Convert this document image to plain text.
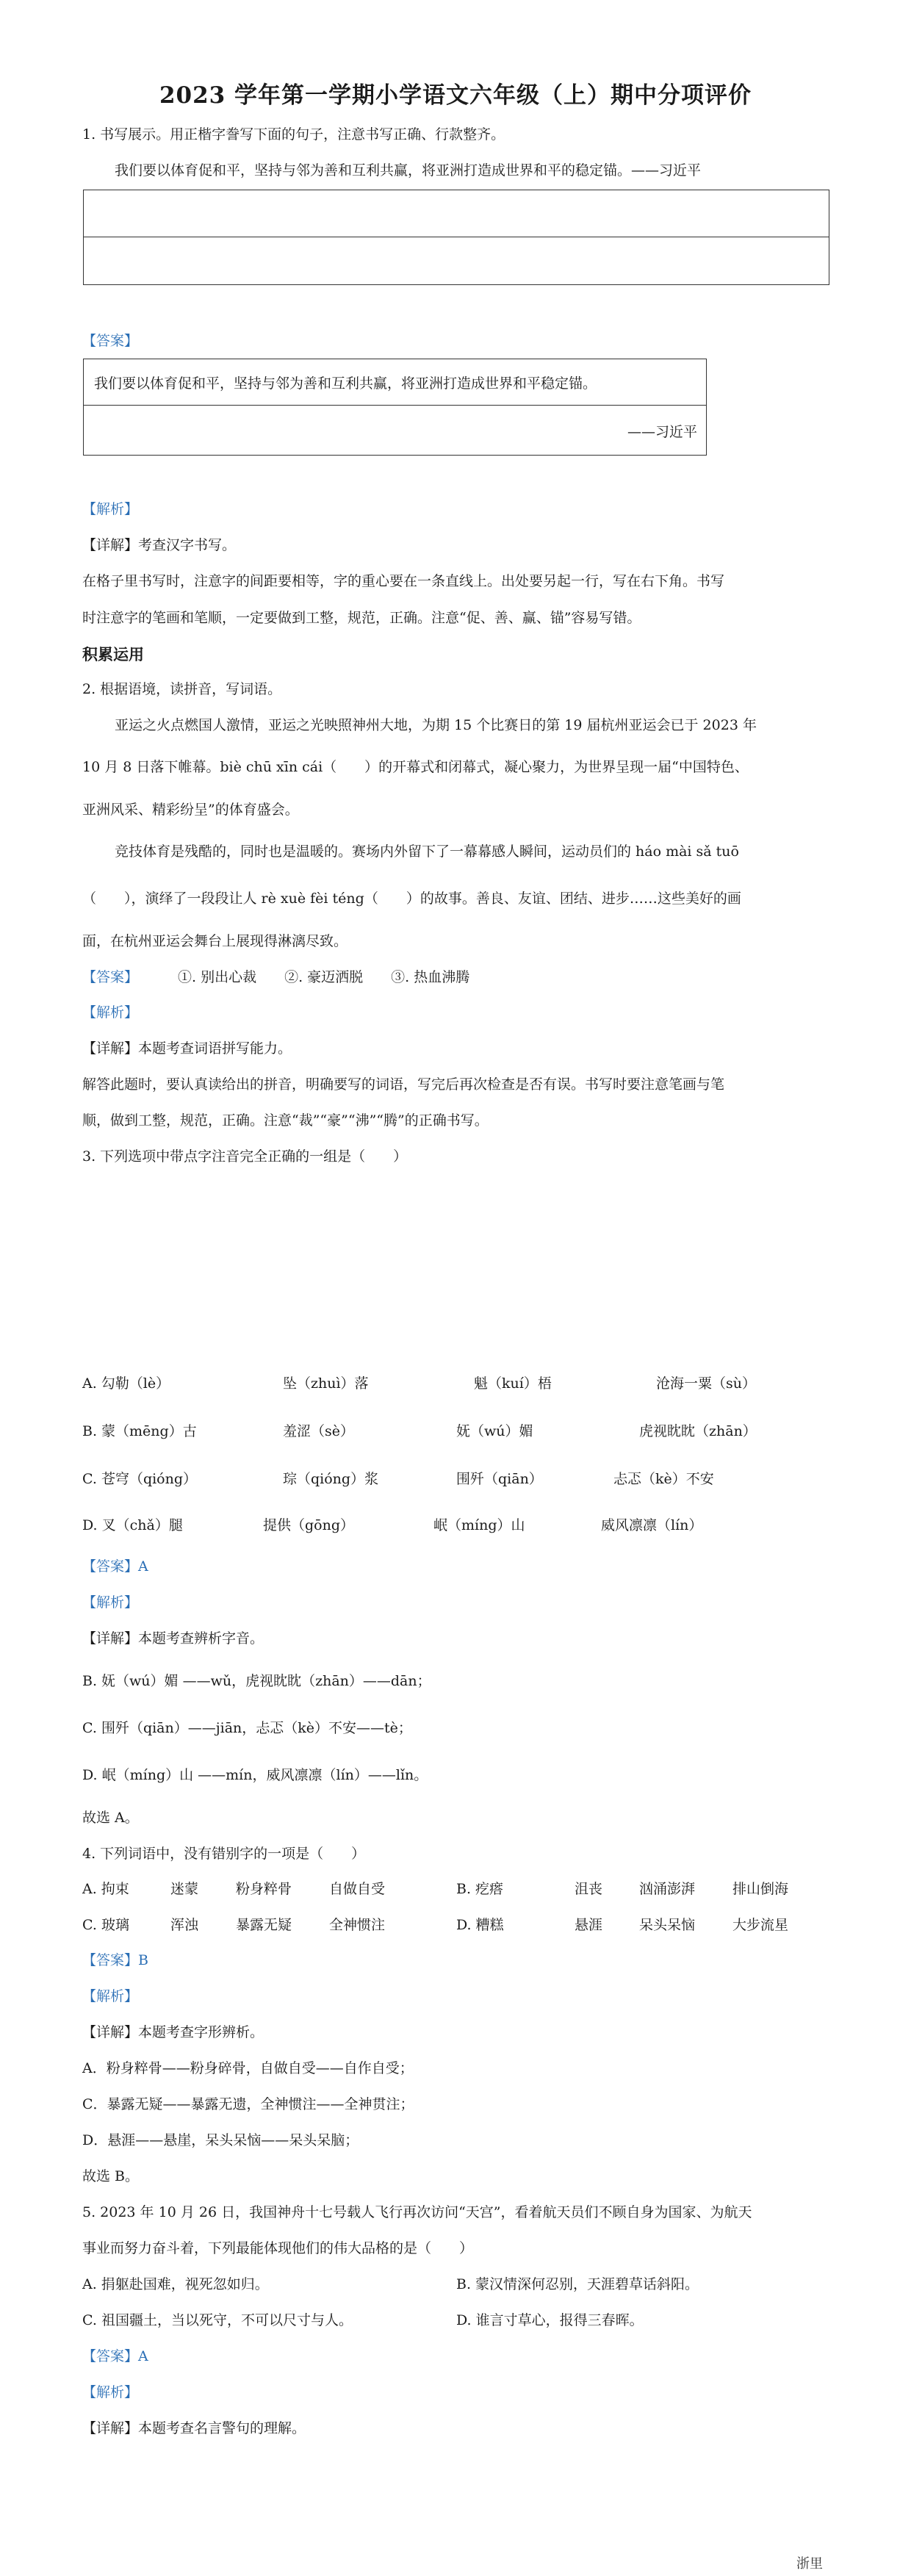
2023 学年第一学期小学语文六年级（上）期中分项评价
1. 书写展示。用正楷字誊写下面的句子，注意书写正确、行款整齐。
我们要以体育促和平，坚持与邻为善和互利共赢，将亚洲打造成世界和平的稳定锚。——习近平
【答案】
我们要以体育促和平，坚持与邻为善和互利共赢，将亚洲打造成世界和平稳定锚。
——习近平
【解析】
【详解】考查汉字书写。
在格子里书写时，注意字的间距要相等，字的重心要在一条直线上。出处要另起一行，写在右下角。书写
时注意字的笔画和笔顺，一定要做到工整，规范，正确。注意“促、善、赢、锚”容易写错。
积累运用
2. 根据语境，读拼音，写词语。
亚运之火点燃国人激情，亚运之光映照神州大地，为期 15 个比赛日的第 19 届杭州亚运会已于 2023 年
10 月 8 日落下帷幕。biè chū xīn cái（　　）的开幕式和闭幕式，凝心聚力，为世界呈现一届“中国特色、
亚洲风采、精彩纷呈”的体育盛会。
竞技体育是残酷的，同时也是温暖的。赛场内外留下了一幕幕感人瞬间，运动员们的 háo mài sǎ tuō
（　　），演绎了一段段让人 rè xuè fèi téng（　　）的故事。善良、友谊、团结、进步……这些美好的画
面，在杭州亚运会舞台上展现得淋漓尽致。
【答案】	①. 别出心裁　　②. 豪迈洒脱　　③. 热血沸腾
【解析】
【详解】本题考查词语拼写能力。
解答此题时，要认真读给出的拼音，明确要写的词语，写完后再次检查是否有误。书写时要注意笔画与笔
顺，做到工整，规范，正确。注意“裁”“豪”“沸”“腾”的正确书写。
3. 下列选项中带点字注音完全正确的一组是（　　）
A. 勾勒（lè）	坠（zhuì）落	魁（kuí）梧	沧海一粟（sù）
B. 蒙（mēng）古	羞涩（sè）	妩（wú）媚	虎视眈眈（zhān）
C. 苍穹（qióng）	琮（qióng）浆	围歼（qiān）	忐忑（kè）不安
D. 叉（chǎ）腿	提供（gōng）	岷（míng）山	威风凛凛（lín）
【答案】A
【解析】
【详解】本题考查辨析字音。
B. 妩（wú）媚 ——wǔ，虎视眈眈（zhān）——dān；
C. 围歼（qiān）——jiān，忐忑（kè）不安——tè；
D. 岷（míng）山 ——mín，威风凛凛（lín）——lǐn。
故选 A。
4. 下列词语中，没有错别字的一项是（　　）
A. 拘束	迷蒙	粉身粹骨	自做自受	B. 疙瘩	沮丧	汹涌澎湃	排山倒海
C. 玻璃	浑浊	暴露无疑	全神惯注	D. 糟糕	悬涯	呆头呆恼	大步流星
【答案】B
【解析】
【详解】本题考查字形辨析。
A．粉身粹骨——粉身碎骨，自做自受——自作自受；
C．暴露无疑——暴露无遗，全神惯注——全神贯注；
D．悬涯——悬崖，呆头呆恼——呆头呆脑；
故选 B。
5. 2023 年 10 月 26 日，我国神舟十七号载人飞行再次访问“天宫”，看着航天员们不顾自身为国家、为航天
事业而努力奋斗着，下列最能体现他们的伟大品格的是（　　）
A. 捐躯赴国难，视死忽如归。	B. 蒙汉情深何忍别，天涯碧草话斜阳。
C. 祖国疆土，当以死守，不可以尺寸与人。	D. 谁言寸草心，报得三春晖。
【答案】A
【解析】
【详解】本题考查名言警句的理解。
浙里
